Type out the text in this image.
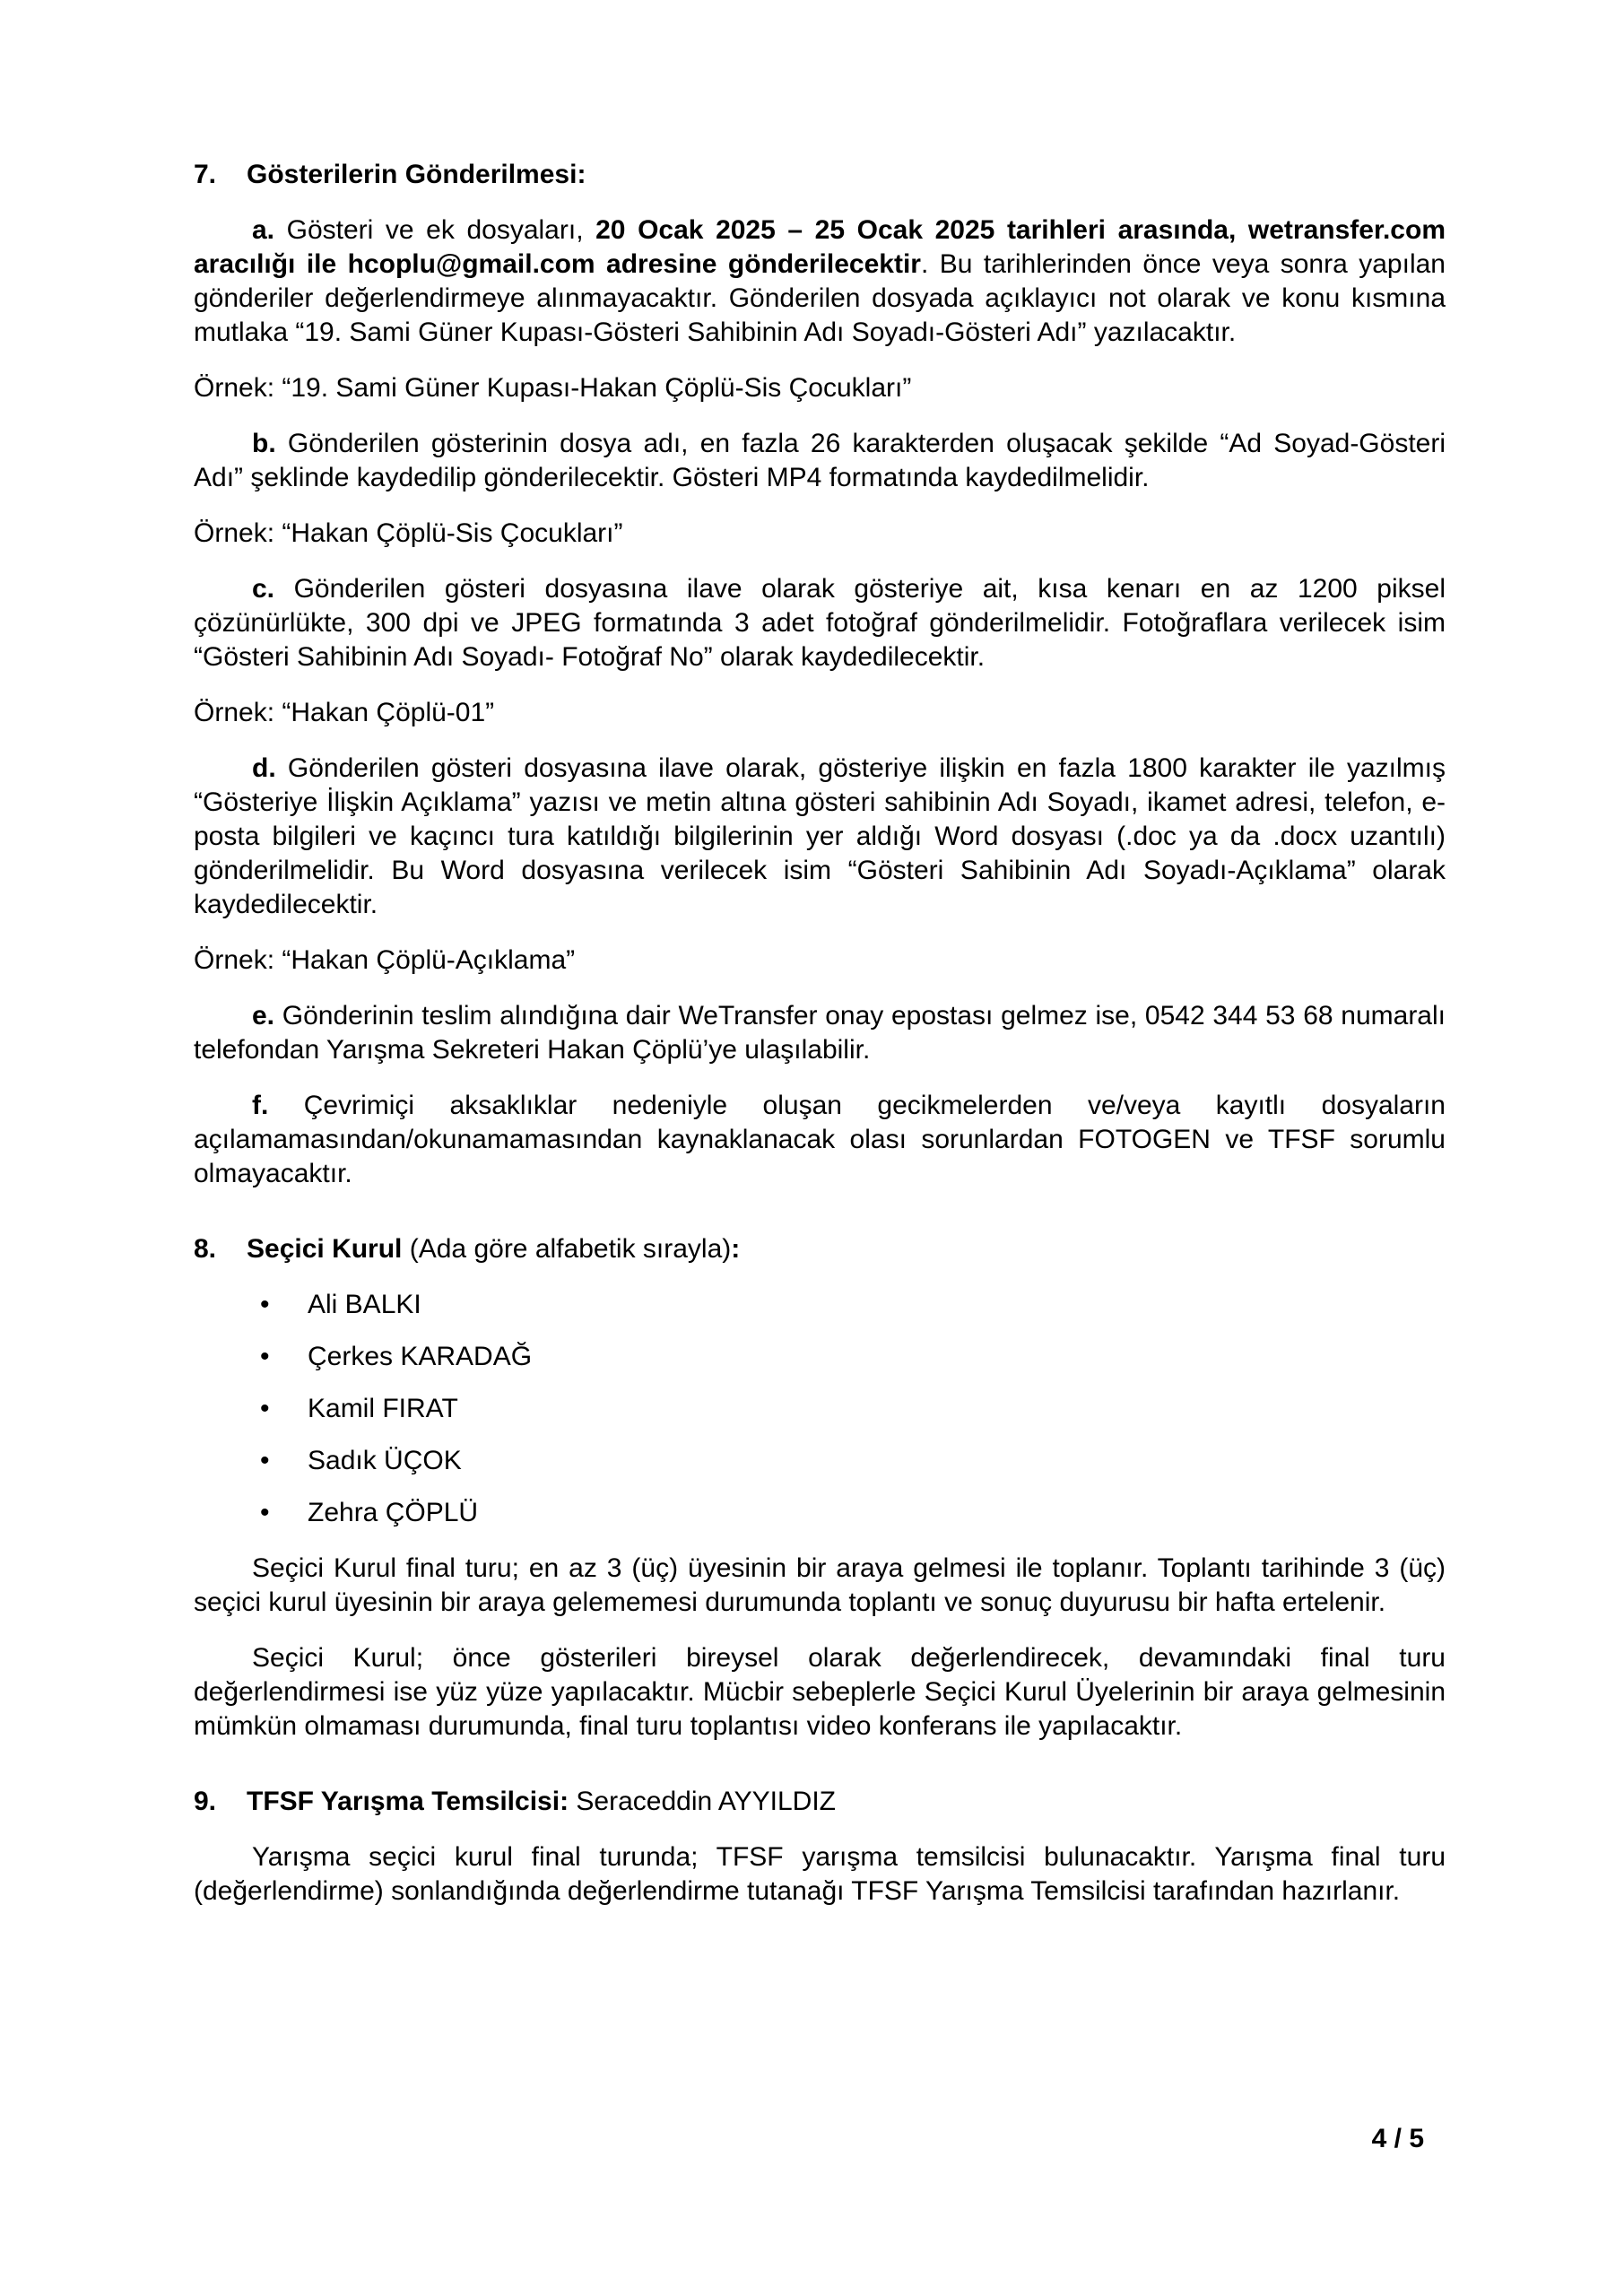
7. Gösterilerin Gönderilmesi:

a. Gösteri ve ek dosyaları, 20 Ocak 2025 – 25 Ocak 2025 tarihleri arasında, wetransfer.com aracılığı ile hcoplu@gmail.com adresine gönderilecektir. Bu tarihlerinden önce veya sonra yapılan gönderiler değerlendirmeye alınmayacaktır. Gönderilen dosyada açıklayıcı not olarak ve konu kısmına mutlaka “19. Sami Güner Kupası-Gösteri Sahibinin Adı Soyadı-Gösteri Adı” yazılacaktır.

Örnek: “19. Sami Güner Kupası-Hakan Çöplü-Sis Çocukları”

b. Gönderilen gösterinin dosya adı, en fazla 26 karakterden oluşacak şekilde “Ad Soyad-Gösteri Adı” şeklinde kaydedilip gönderilecektir. Gösteri MP4 formatında kaydedilmelidir.

Örnek: “Hakan Çöplü-Sis Çocukları”

c. Gönderilen gösteri dosyasına ilave olarak gösteriye ait, kısa kenarı en az 1200 piksel çözünürlükte, 300 dpi ve JPEG formatında 3 adet fotoğraf gönderilmelidir. Fotoğraflara verilecek isim “Gösteri Sahibinin Adı Soyadı- Fotoğraf No” olarak kaydedilecektir.

Örnek: “Hakan Çöplü-01”

d. Gönderilen gösteri dosyasına ilave olarak, gösteriye ilişkin en fazla 1800 karakter ile yazılmış “Gösteriye İlişkin Açıklama” yazısı ve metin altına gösteri sahibinin Adı Soyadı, ikamet adresi, telefon, e-posta bilgileri ve kaçıncı tura katıldığı bilgilerinin yer aldığı Word dosyası (.doc ya da .docx uzantılı) gönderilmelidir. Bu Word dosyasına verilecek isim “Gösteri Sahibinin Adı Soyadı-Açıklama” olarak kaydedilecektir.

Örnek: “Hakan Çöplü-Açıklama”

e. Gönderinin teslim alındığına dair WeTransfer onay epostası gelmez ise, 0542 344 53 68 numaralı telefondan Yarışma Sekreteri Hakan Çöplü’ye ulaşılabilir.

f. Çevrimiçi aksaklıklar nedeniyle oluşan gecikmelerden ve/veya kayıtlı dosyaların açılamamasından/okunamamasından kaynaklanacak olası sorunlardan FOTOGEN ve TFSF sorumlu olmayacaktır.

8. Seçici Kurul (Ada göre alfabetik sırayla):
• Ali BALKI
• Çerkes KARADAĞ
• Kamil FIRAT
• Sadık ÜÇOK
• Zehra ÇÖPLÜ

Seçici Kurul final turu; en az 3 (üç) üyesinin bir araya gelmesi ile toplanır. Toplantı tarihinde 3 (üç) seçici kurul üyesinin bir araya gelememesi durumunda toplantı ve sonuç duyurusu bir hafta ertelenir.

Seçici Kurul; önce gösterileri bireysel olarak değerlendirecek, devamındaki final turu değerlendirmesi ise yüz yüze yapılacaktır. Mücbir sebeplerle Seçici Kurul Üyelerinin bir araya gelmesinin mümkün olmaması durumunda, final turu toplantısı video konferans ile yapılacaktır.

9. TFSF Yarışma Temsilcisi: Seraceddin AYYILDIZ

Yarışma seçici kurul final turunda; TFSF yarışma temsilcisi bulunacaktır. Yarışma final turu (değerlendirme) sonlandığında değerlendirme tutanağı TFSF Yarışma Temsilcisi tarafından hazırlanır.

4 / 5
